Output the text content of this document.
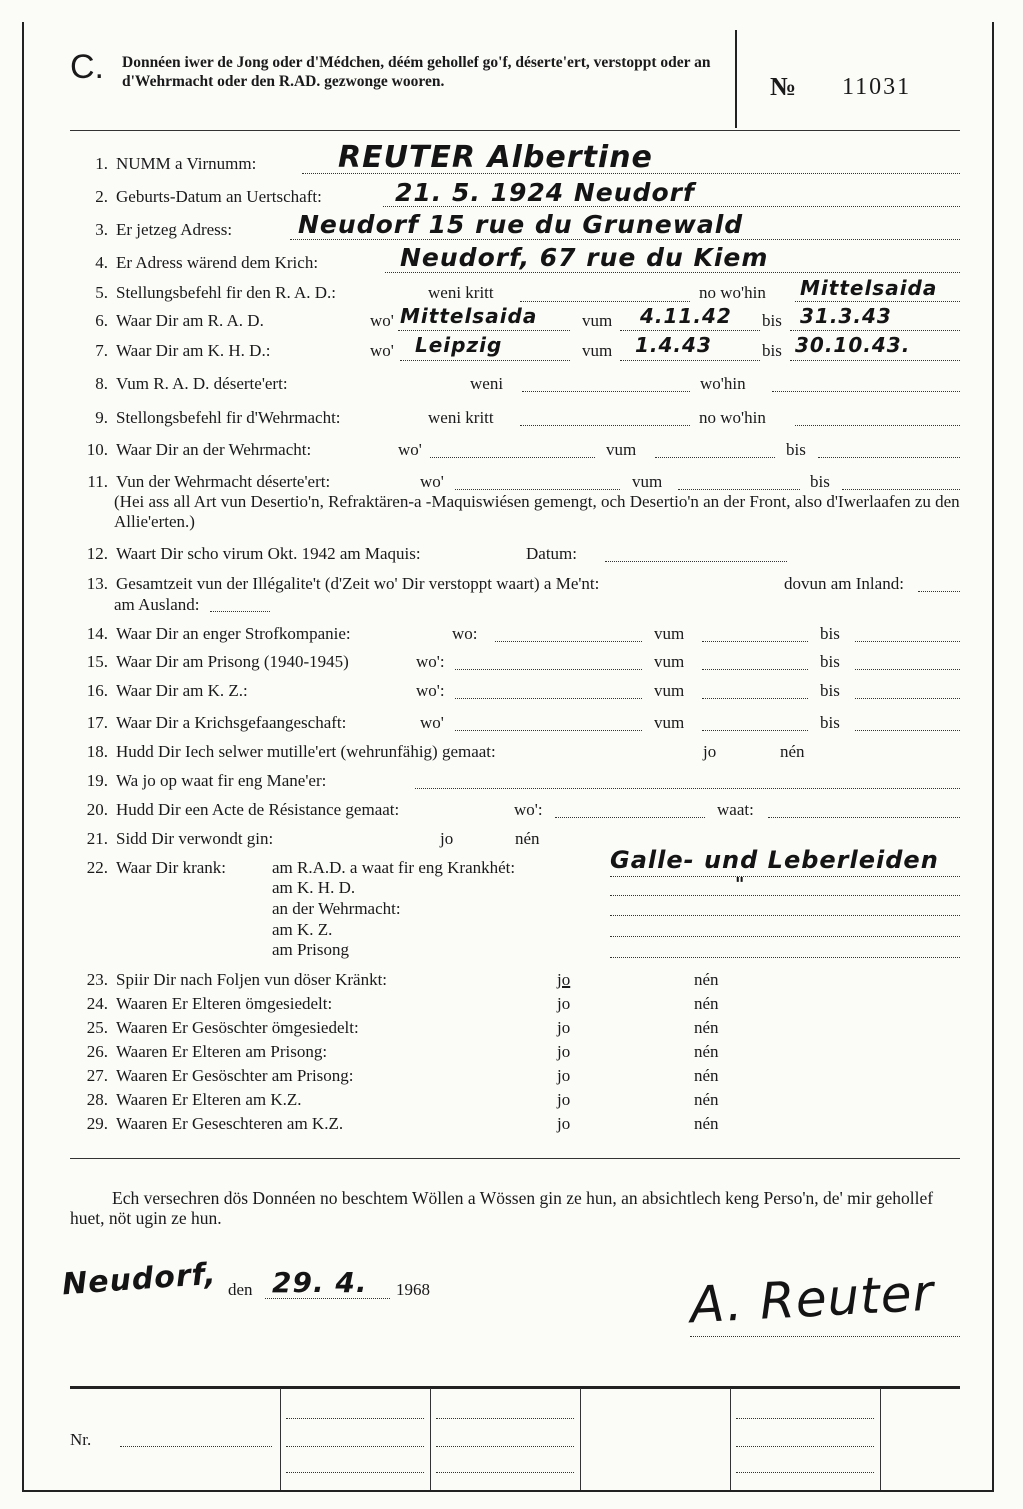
C. Donnéen iwer de Jong oder d'Médchen, déém gehollef go'f, déserte'ert, verstoppt oder an d'Wehrmacht oder den R.AD. gezwonge wooren.	№ 11031
1. NUMM a Virnumm:	REUTER Albertine
2. Geburts-Datum an Uertschaft:	21. 5. 1924 Neudorf
3. Er jetzeg Adress:	Neudorf 15 rue du Grunewald
4. Er Adress wärend dem Krich:	Neudorf, 67 rue du Kiem
5. Stellungsbefehl fir den R. A. D.:	weni kritt	no wo'hin Mittelsaida
6. Waar Dir am R. A. D.	wo' Mittelsaida	vum 4.11.42 bis 31.3.43
7. Waar Dir am K. H. D.:	wo' Leipzig	vum 1.4.43	bis 30.10.43.
8. Vum R. A. D. déserte'ert:	weni	wo'hin
9. Stellongsbefehl fir d'Wehrmacht:	weni kritt	no wo'hin
10. Waar Dir an der Wehrmacht:	wo'	vum	bis
11. Vun der Wehrmacht déserte'ert:	wo'	vum	bis
(Hei ass all Art vun Desertio'n, Refraktären-a -Maquiswiésen gemengt, och Desertio'n an der Front, also d'Iwerlaafen zu den Allie'erten.)
12. Waart Dir scho virum Okt. 1942 am Maquis:	Datum:
13. Gesamtzeit vun der Illégalite't (d'Zeit wo' Dir verstoppt waart) a Me'nt:	dovun am Inland:
am Ausland:
14. Waar Dir an enger Strofkompanie:	wo:	vum	bis
15. Waar Dir am Prisong (1940-1945)	wo':	vum	bis
16. Waar Dir am K. Z.:	wo':	vum	bis
17. Waar Dir a Krichsgefaangeschaft:	wo'	vum	bis
18. Hudd Dir Iech selwer mutille'ert (wehrunfähig) gemaat:	jo	nén
19. Wa jo op waat fir eng Mane'er:
20. Hudd Dir een Acte de Résistance gemaat:	wo':	waat:
21. Sidd Dir verwondt gin:	jo	nén
22. Waar Dir krank:	am R.A.D. a waat fir eng Krankhét:	Galle- und Leberleiden
am K. H. D.	"
an der Wehrmacht:
am K. Z.
am Prisong
23. Spiir Dir nach Foljen vun döser Kränkt:	jo	nén
24. Waaren Er Elteren ömgesiedelt:	jo	nén
25. Waaren Er Gesöschter ömgesiedelt:	jo	nén
26. Waaren Er Elteren am Prisong:	jo	nén
27. Waaren Er Gesöschter am Prisong:	jo	nén
28. Waaren Er Elteren am K.Z.	jo	nén
29. Waaren Er Geseschteren am K.Z.	jo	nén
Ech versechren dös Donnéen no beschtem Wöllen a Wössen gin ze hun, an absichtlech keng Perso'n, de' mir gehollef huet, nöt ugin ze hun.
Neudorf, den 29. 4. 1968	A. Reuter
Nr.
